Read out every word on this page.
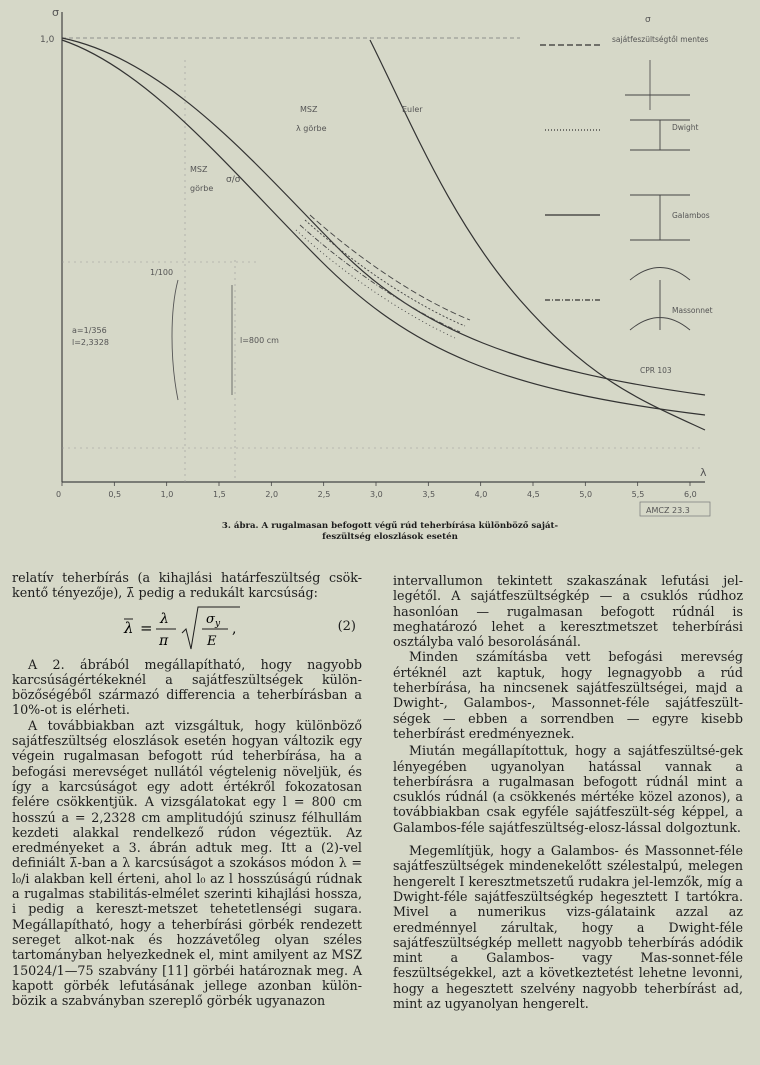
σ
λ
1,0
0	0,5	1,0	1,5	2,0	2,5	3,0	3,5	4,0	4,5	5,0	5,5	6,0
MSZ
λ görbe
Euler
MSZ
görbe
σ/σ
a=1/356
l=2,3328	l=800 cm
1/100
σ
sajátfeszültségtől mentes
Dwight
Galambos
Massonnet
CPR 103
AMCZ 23.3
3. ábra. A rugalmasan befogott végű rúd teherbírása különböző saját-
feszültség eloszlások esetén

relatív teherbírás (a kihajlási határfeszültség csök-kentő tényezője), λ̄ pedig a redukált karcsúság:

λ = λ
π
σ y
E
,	(2)

A 2. ábrából megállapítható, hogy nagyobb karcsúságértékeknél a sajátfeszültségek külön-bözőségéből származó differencia a teherbírásban a 10%-ot is elérheti.

A továbbiakban azt vizsgáltuk, hogy különböző sajátfeszültség eloszlások esetén hogyan változik egy végein rugalmasan befogott rúd teherbírása, ha a befogási merevséget nullától végtelenig növeljük, és így a karcsúságot egy adott értékről fokozatosan felére csökkentjük. A vizsgálatokat egy l = 800 cm hosszú a = 2,2328 cm amplitudójú szinusz félhullám kezdeti alakkal rendelkező rúdon végeztük. Az eredményeket a 3. ábrán adtuk meg. Itt a (2)-vel definiált λ̄-ban a λ karcsúságot a szokásos módon λ = l₀/i alakban kell érteni, ahol l₀ az l hosszúságú rúdnak a rugalmas stabilitás-elmélet szerinti kihajlási hossza, i pedig a kereszt-metszet tehetetlenségi sugara. Megállapítható, hogy a teherbírási görbék rendezett sereget alkot-nak és hozzávetőleg olyan széles tartományban helyezkednek el, mint amilyent az MSZ 15024/1—75 szabvány [11] görbéi határoznak meg. A kapott görbék lefutásának jellege azonban külön-bözik a szabványban szereplő görbék ugyanazon

intervallumon tekintett szakaszának lefutási jel-legétől. A sajátfeszültségkép — a csuklós rúdhoz hasonlóan — rugalmasan befogott rúdnál is meghatározó lehet a keresztmetszet teherbírási osztályba való besorolásánál.

Minden számításba vett befogási merevség értéknél azt kaptuk, hogy legnagyobb a rúd teherbírása, ha nincsenek sajátfeszültségei, majd a Dwight-, Galambos-, Massonnet-féle sajátfeszült-ségek — ebben a sorrendben — egyre kisebb teherbírást eredményeznek.

Miután megállapítottuk, hogy a sajátfeszültsé-gek lényegében ugyanolyan hatással vannak a teherbírásra a rugalmasan befogott rúdnál mint a csuklós rúdnál (a csökkenés mértéke közel azonos), a továbbiakban csak egyféle sajátfeszült-ség képpel, a Galambos-féle sajátfeszültség-elosz-lással dolgoztunk.

Megemlítjük, hogy a Galambos- és Massonnet-féle sajátfeszültségek mindenekelőtt szélestalpú, melegen hengerelt I keresztmetszetű rudakra jel-lemzők, míg a Dwight-féle sajátfeszültségkép hegesztett I tartókra. Mivel a numerikus vizs-gálataink azzal az eredménnyel zárultak, hogy a Dwight-féle sajátfeszültségkép mellett nagyobb teherbírás adódik mint a Galambos- vagy Mas-sonnet-féle feszültségekkel, azt a következtetést lehetne levonni, hogy a hegesztett szelvény nagyobb teherbírást ad, mint az ugyanolyan hengerelt.
